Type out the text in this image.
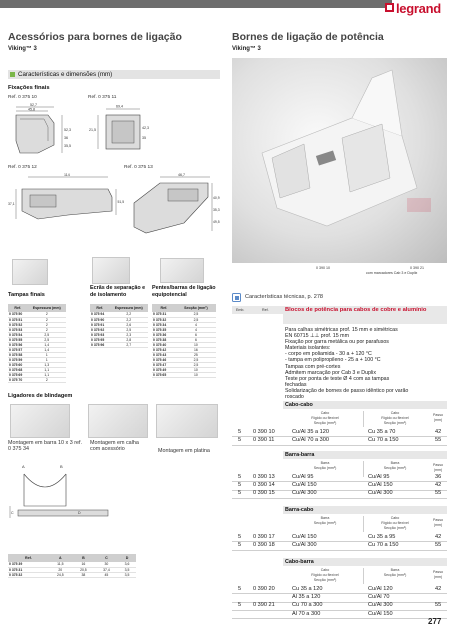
legrand
Acessórios para bornes de ligação
Viking™ 3
Bornes de ligação de potência
Viking™ 3
Características e dimensões (mm)
Fixações finais
Ref. 0 375 10	Ref. 0 375 11
52,7
45,8
52,3
36
35,5
69,4
21,5	42,3
35
Ref. 0 375 12	Ref. 0 375 13
114
51,5
37,1
46,7
40,9
35,3
49,5
0 390 10	0 390 21
com marcadores Cab 3 e Duplix
Tampas finais
Ecrãs de separação e de isolamento
Pentes/barras de ligação equipotencial
Ref.	Espessura (mm)
0 375 50	2
0 375 51	2
0 375 52	2
0 375 53	2
0 375 54	2,5
0 375 55	2,5
0 375 56	1,4
0 375 57	1,4
0 375 58	1
0 375 59	1
0 375 60	1,3
0 375 68	1,1
0 375 69	1,1
0 375 70	2
Ref.	Espessura (mm)
0 375 94	2,2
0 375 90	2,2
0 375 91	2,6
0 375 92	2,5
0 375 93	2,3
0 375 95	2,8
0 375 96	2,7
Ref.	Secção (mm²)
0 375 31	2,5
0 375 32	2,5
0 375 34	4
0 375 35	4
0 375 36	6
0 375 38	6
0 375 40	10
0 375 42	16
0 375 43	25
0 375 46	2,5
0 375 47	2,5
0 375 49	10
0 375 65	10
Ligadores de blindagem
Montagem em barra 10 x 3 ref. 0 375 34
Montagem em calha com acessório	Montagem em platina
A	B
C	D
Ref.	A	B	C	D
0 375 39	11,5	16	30	3,6
0 375 31	20	20,5	37,4	3,5
0 375 32	24,5	38	45	3,5
Características técnicas, p. 278
Emb.	Ref.	Blocos de potência para cabos de cobre e alumínio
Para calhas simétricas prof. 15 mm e simétricas
EN 60715 ⊥⊥ prof. 15 mm
Fixação por garra metálica ou por parafusos
Materiais isolantes:
- corpo em poliamida - 30 a + 120 °C
- tampa em polipropileno - 25 a + 100 °C
Tampas com pré-cortes
Admitem marcação por Cab 3 e Duplix
Teste por ponta de teste Ø 4 com as tampas
fechadas
Solidarização de bornes de passo idêntico por varão
roscado
Cabo-cabo
Cabo
Rígido ou flexível
Secção (mm²)
Cabo
Rígido ou flexível
Secção (mm²)
Passo
(mm)
5 0 390 10	Cu/Al 35 a 120	Cu 35 a 70	42
5 0 390 11	Cu/Al 70 a 300	Cu 70 a 150	55
Barra-barra
Barra
Secção (mm²)
Barra
Secção (mm²)
Passo
(mm)
5 0 390 13	Cu/Al 95	Cu/Al 95	36
5 0 390 14	Cu/Al 150	Cu/Al 150	42
5 0 390 15	Cu/Al 300	Cu/Al 300	55
Barra-cabo
Barra
Secção (mm²)
Cabo
Rígido ou flexível
Secção (mm²)
Passo
(mm)
5 0 390 17	Cu/Al 150	Cu 35 a 95	42
5 0 390 18	Cu/Al 300	Cu 70 a 150	55
Cabo-barra
Cabo
Rígido ou flexível
Secção (mm²)
Barra
Secção (mm²)
Passo
(mm)
5 0 390 20	Cu 35 a 120	Cu/Al 120	42
Al 35 a 120	Cu/Al 70
5 0 390 21	Cu 70 a 300	Cu/Al 300	55
Al 70 a 300	Cu/Al 150
277
